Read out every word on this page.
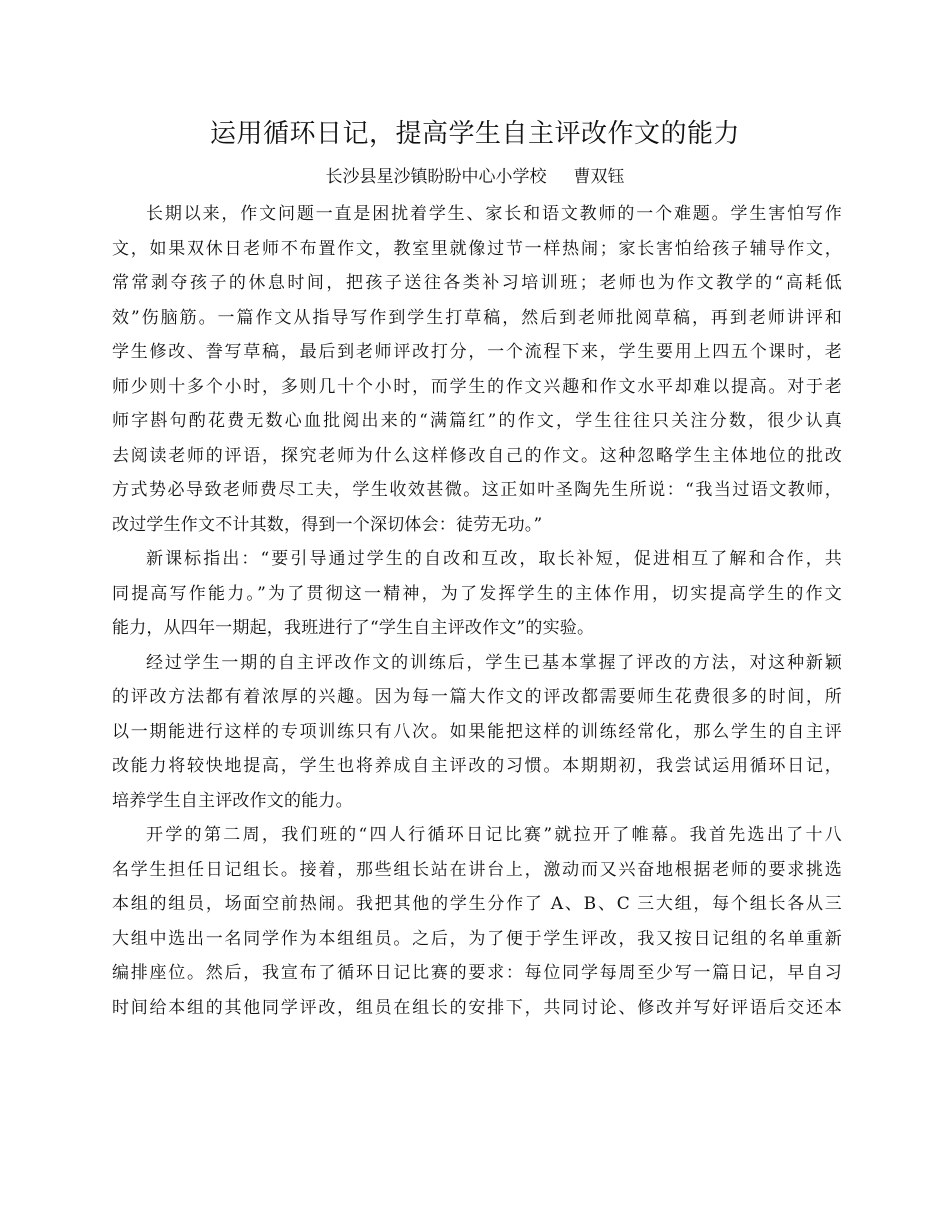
运用循环日记，提高学生自主评改作文的能力
长沙县星沙镇盼盼中心小学校     曹双钰
长期以来，作文问题一直是困扰着学生、家长和语文教师的一个难题。学生害怕写作
文，如果双休日老师不布置作文，教室里就像过节一样热闹；家长害怕给孩子辅导作文，
常常剥夺孩子的休息时间，把孩子送往各类补习培训班；老师也为作文教学的“高耗低
效”伤脑筋。一篇作文从指导写作到学生打草稿，然后到老师批阅草稿，再到老师讲评和
学生修改、誊写草稿，最后到老师评改打分，一个流程下来，学生要用上四五个课时，老
师少则十多个小时，多则几十个小时，而学生的作文兴趣和作文水平却难以提高。对于老
师字斟句酌花费无数心血批阅出来的“满篇红”的作文，学生往往只关注分数，很少认真
去阅读老师的评语，探究老师为什么这样修改自己的作文。这种忽略学生主体地位的批改
方式势必导致老师费尽工夫，学生收效甚微。这正如叶圣陶先生所说：“我当过语文教师，
改过学生作文不计其数，得到一个深切体会：徒劳无功。”
新课标指出：“要引导通过学生的自改和互改，取长补短，促进相互了解和合作，共
同提高写作能力。”为了贯彻这一精神，为了发挥学生的主体作用，切实提高学生的作文
能力，从四年一期起，我班进行了“学生自主评改作文”的实验。
经过学生一期的自主评改作文的训练后，学生已基本掌握了评改的方法，对这种新颖
的评改方法都有着浓厚的兴趣。因为每一篇大作文的评改都需要师生花费很多的时间，所
以一期能进行这样的专项训练只有八次。如果能把这样的训练经常化，那么学生的自主评
改能力将较快地提高，学生也将养成自主评改的习惯。本期期初，我尝试运用循环日记，
培养学生自主评改作文的能力。
开学的第二周，我们班的“四人行循环日记比赛”就拉开了帷幕。我首先选出了十八
名学生担任日记组长。接着，那些组长站在讲台上，激动而又兴奋地根据老师的要求挑选
本组的组员，场面空前热闹。我把其他的学生分作了 A、B、C 三大组，每个组长各从三
大组中选出一名同学作为本组组员。之后，为了便于学生评改，我又按日记组的名单重新
编排座位。然后，我宣布了循环日记比赛的要求：每位同学每周至少写一篇日记，早自习
时间给本组的其他同学评改，组员在组长的安排下，共同讨论、修改并写好评语后交还本
